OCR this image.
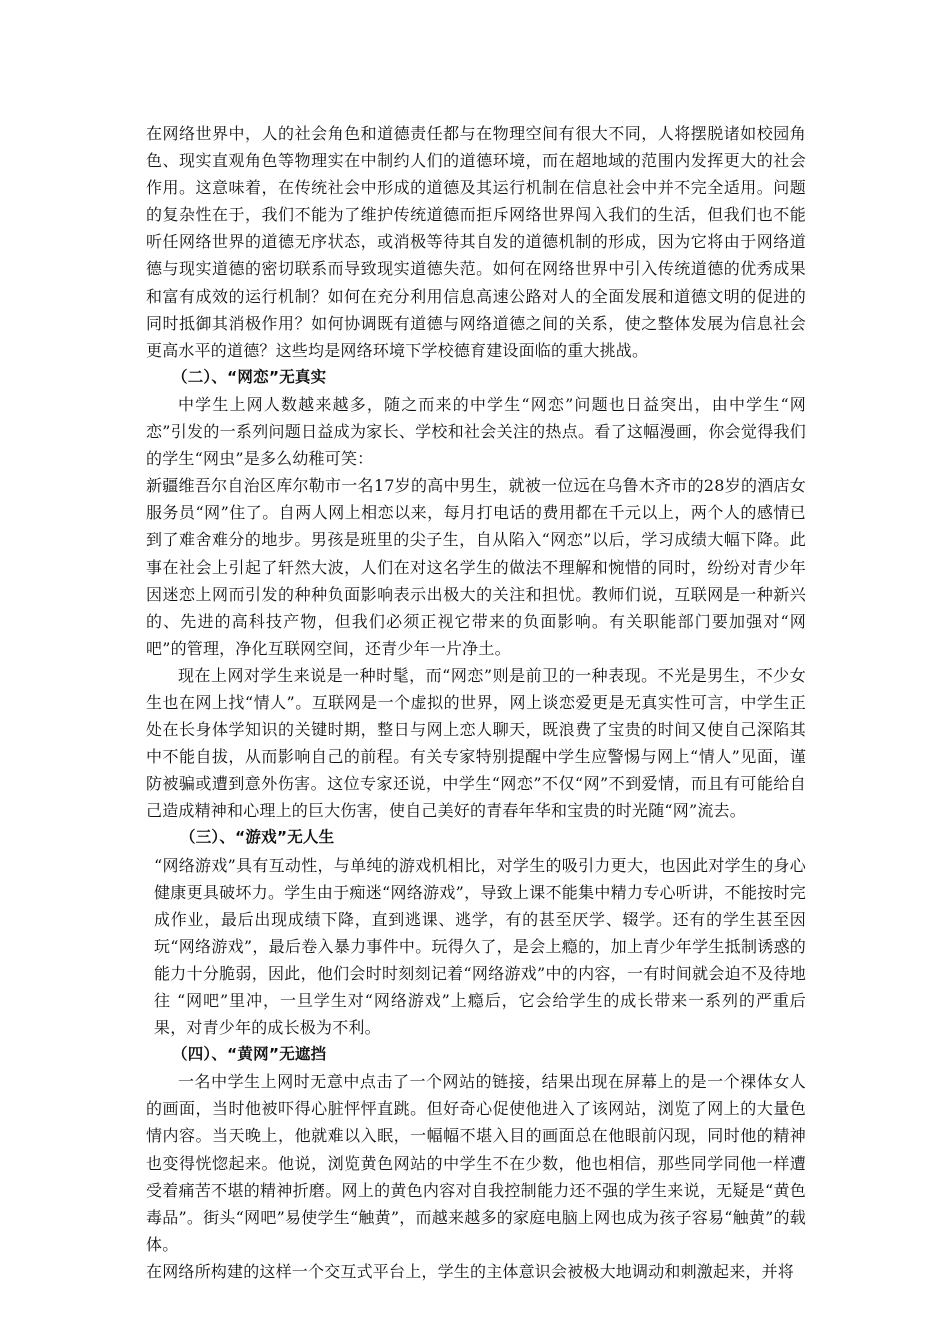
在网络世界中，人的社会角色和道德责任都与在物理空间有很大不同，人将摆脱诸如校园角色、现实直观角色等物理实在中制约人们的道德环境，而在超地域的范围内发挥更大的社会作用。这意味着，在传统社会中形成的道德及其运行机制在信息社会中并不完全适用。问题的复杂性在于，我们不能为了维护传统道德而拒斥网络世界闯入我们的生活，但我们也不能听任网络世界的道德无序状态，或消极等待其自发的道德机制的形成，因为它将由于网络道德与现实道德的密切联系而导致现实道德失范。如何在网络世界中引入传统道德的优秀成果和富有成效的运行机制？如何在充分利用信息高速公路对人的全面发展和道德文明的促进的同时抵御其消极作用？如何协调既有道德与网络道德之间的关系，使之整体发展为信息社会更高水平的道德？这些均是网络环境下学校德育建设面临的重大挑战。

（二）、“网恋”无真实

中学生上网人数越来越多，随之而来的中学生“网恋”问题也日益突出，由中学生“网恋”引发的一系列问题日益成为家长、学校和社会关注的热点。看了这幅漫画，你会觉得我们的学生“网虫”是多么幼稚可笑：

新疆维吾尔自治区库尔勒市一名17岁的高中男生，就被一位远在乌鲁木齐市的28岁的酒店女服务员“网”住了。自两人网上相恋以来，每月打电话的费用都在千元以上，两个人的感情已到了难舍难分的地步。男孩是班里的尖子生，自从陷入“网恋”以后，学习成绩大幅下降。此事在社会上引起了轩然大波，人们在对这名学生的做法不理解和惋惜的同时，纷纷对青少年因迷恋上网而引发的种种负面影响表示出极大的关注和担忧。教师们说，互联网是一种新兴的、先进的高科技产物，但我们必须正视它带来的负面影响。有关职能部门要加强对“网吧”的管理，净化互联网空间，还青少年一片净土。

现在上网对学生来说是一种时髦，而“网恋”则是前卫的一种表现。不光是男生，不少女生也在网上找“情人”。互联网是一个虚拟的世界，网上谈恋爱更是无真实性可言，中学生正处在长身体学知识的关键时期，整日与网上恋人聊天，既浪费了宝贵的时间又使自己深陷其中不能自拔，从而影响自己的前程。有关专家特别提醒中学生应警惕与网上“情人”见面，谨防被骗或遭到意外伤害。这位专家还说，中学生“网恋”不仅“网”不到爱情，而且有可能给自己造成精神和心理上的巨大伤害，使自己美好的青春年华和宝贵的时光随“网”流去。

（三）、“游戏”无人生

“网络游戏”具有互动性，与单纯的游戏机相比，对学生的吸引力更大，也因此对学生的身心健康更具破坏力。学生由于痴迷“网络游戏”，导致上课不能集中精力专心听讲，不能按时完成作业，最后出现成绩下降，直到逃课、逃学，有的甚至厌学、辍学。还有的学生甚至因玩“网络游戏”，最后卷入暴力事件中。玩得久了，是会上瘾的，加上青少年学生抵制诱惑的能力十分脆弱，因此，他们会时时刻刻记着“网络游戏”中的内容，一有时间就会迫不及待地往 “网吧”里冲，一旦学生对“网络游戏”上瘾后，它会给学生的成长带来一系列的严重后果，对青少年的成长极为不利。

（四）、“黄网”无遮挡

一名中学生上网时无意中点击了一个网站的链接，结果出现在屏幕上的是一个裸体女人的画面，当时他被吓得心脏怦怦直跳。但好奇心促使他进入了该网站，浏览了网上的大量色情内容。当天晚上，他就难以入眠，一幅幅不堪入目的画面总在他眼前闪现，同时他的精神也变得恍惚起来。他说，浏览黄色网站的中学生不在少数，他也相信，那些同学同他一样遭受着痛苦不堪的精神折磨。网上的黄色内容对自我控制能力还不强的学生来说，无疑是“黄色毒品”。街头“网吧”易使学生“触黄”，而越来越多的家庭电脑上网也成为孩子容易“触黄”的载体。

在网络所构建的这样一个交互式平台上，学生的主体意识会被极大地调动和刺激起来，并将
